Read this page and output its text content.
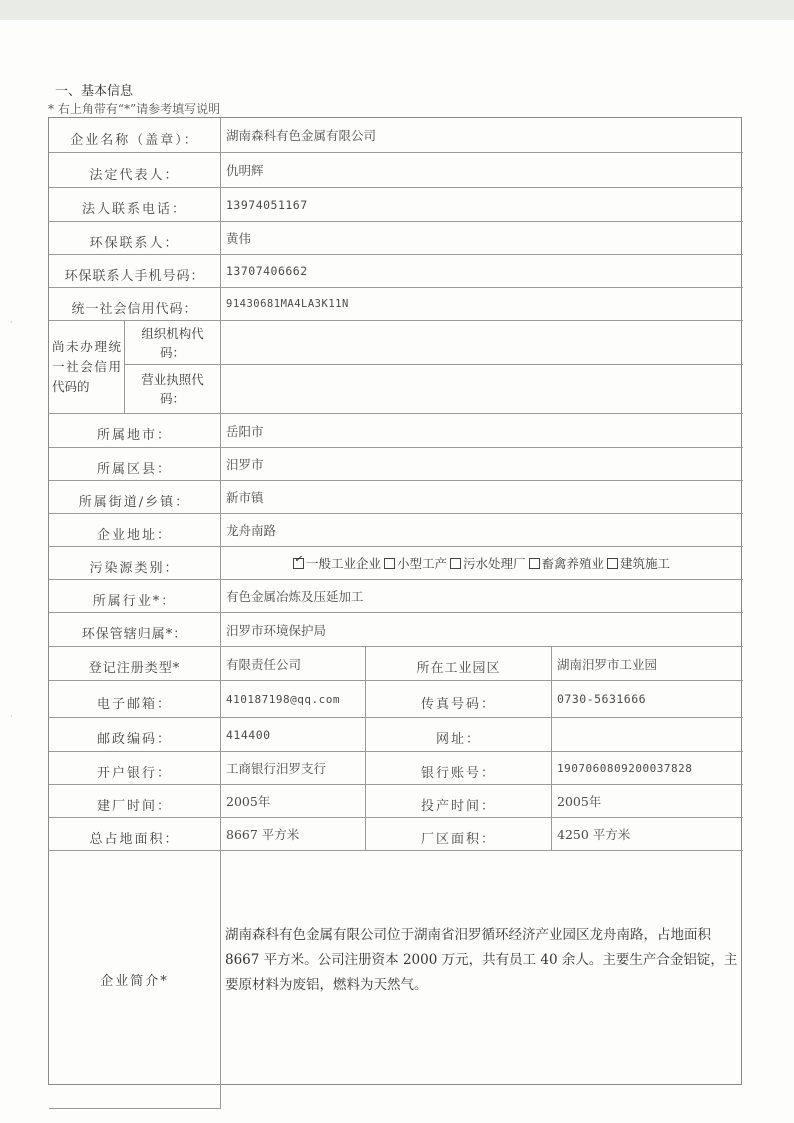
·
·
一、基本信息
* 右上角带有“*”请参考填写说明
企业名称（盖章）：	湖南森科有色金属有限公司
法定代表人：	仇明辉
法人联系电话：	13974051167
环保联系人：	黄伟
环保联系人手机号码：	13707406662
统一社会信用代码：	91430681MA4LA3K11N
尚未办理统一社会信用代码的
组织机构代码：
营业执照代码：
所属地市：	岳阳市
所属区县：	汨罗市
所属街道/乡镇：	新市镇
企业地址：	龙舟南路
污染源类别：
✓	一般工业企业	小型工产	污水处理厂	畜禽养殖业	建筑施工
所属行业*：	有色金属冶炼及压延加工
环保管辖归属*：	汨罗市环境保护局
登记注册类型*	有限责任公司	所在工业园区	湖南汨罗市工业园
电子邮箱：	410187198@qq.com	传真号码：	0730-5631666
邮政编码：	414400	网址：
开户银行：	工商银行汨罗支行	银行账号：	1907060809200037828
建厂时间：	2005年	投产时间：	2005年
总占地面积：	8667 平方米	厂区面积：	4250 平方米
企业简介*
湖南森科有色金属有限公司位于湖南省汨罗循环经济产业园区龙舟南路，占地面积 8667 平方米。公司注册资本 2000 万元，共有员工 40 余人。主要生产合金铝锭，主要原材料为废铝，燃料为天然气。
